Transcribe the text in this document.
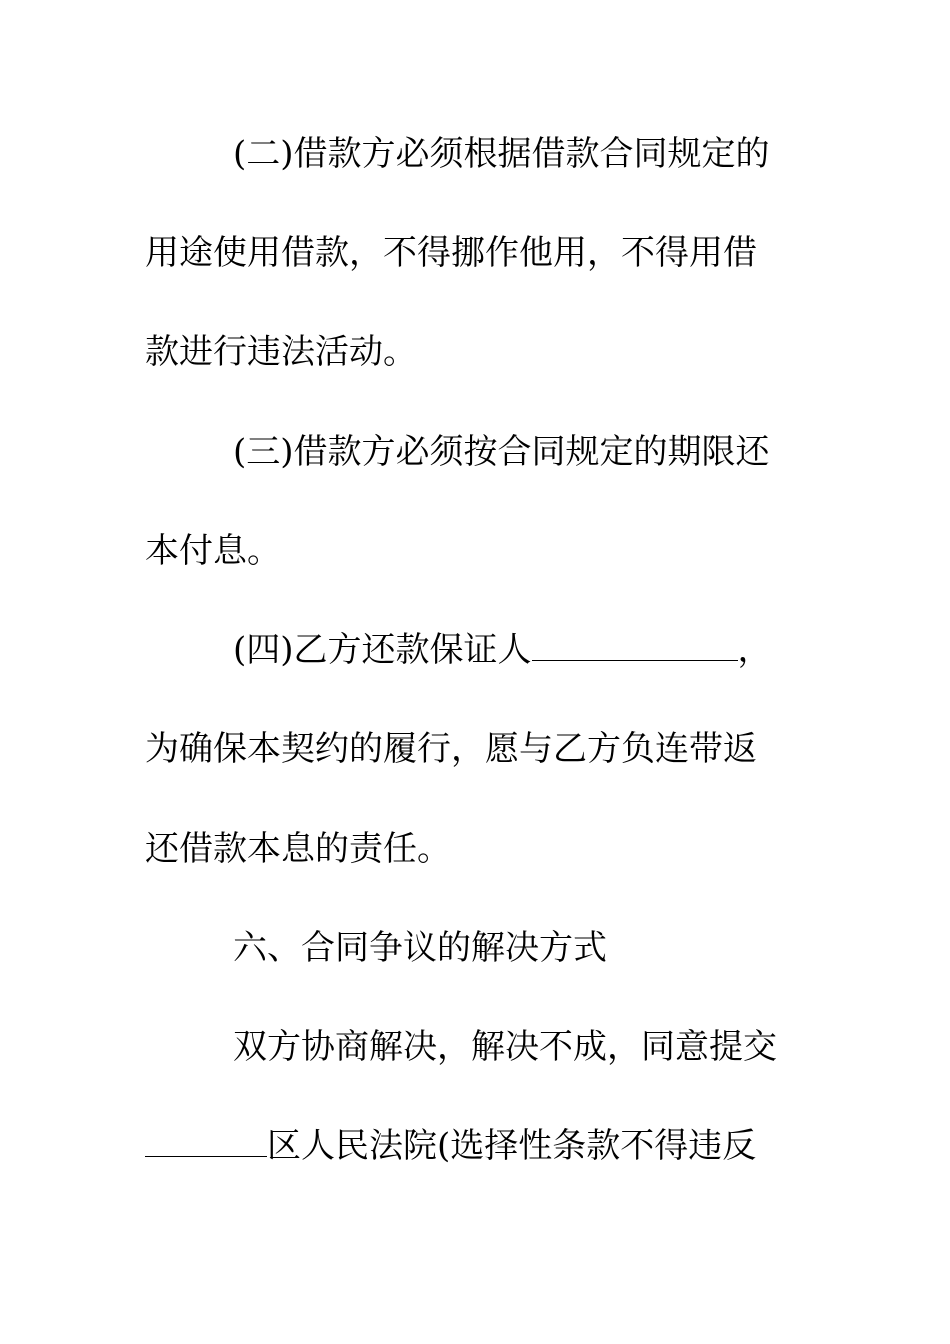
(二)借款方必须根据借款合同规定的
用途使用借款，不得挪作他用，不得用借
款进行违法活动。
(三)借款方必须按合同规定的期限还
本付息。
(四)乙方还款保证人	，
为确保本契约的履行，愿与乙方负连带返
还借款本息的责任。
六、合同争议的解决方式
双方协商解决，解决不成，同意提交
区人民法院(选择性条款不得违反
